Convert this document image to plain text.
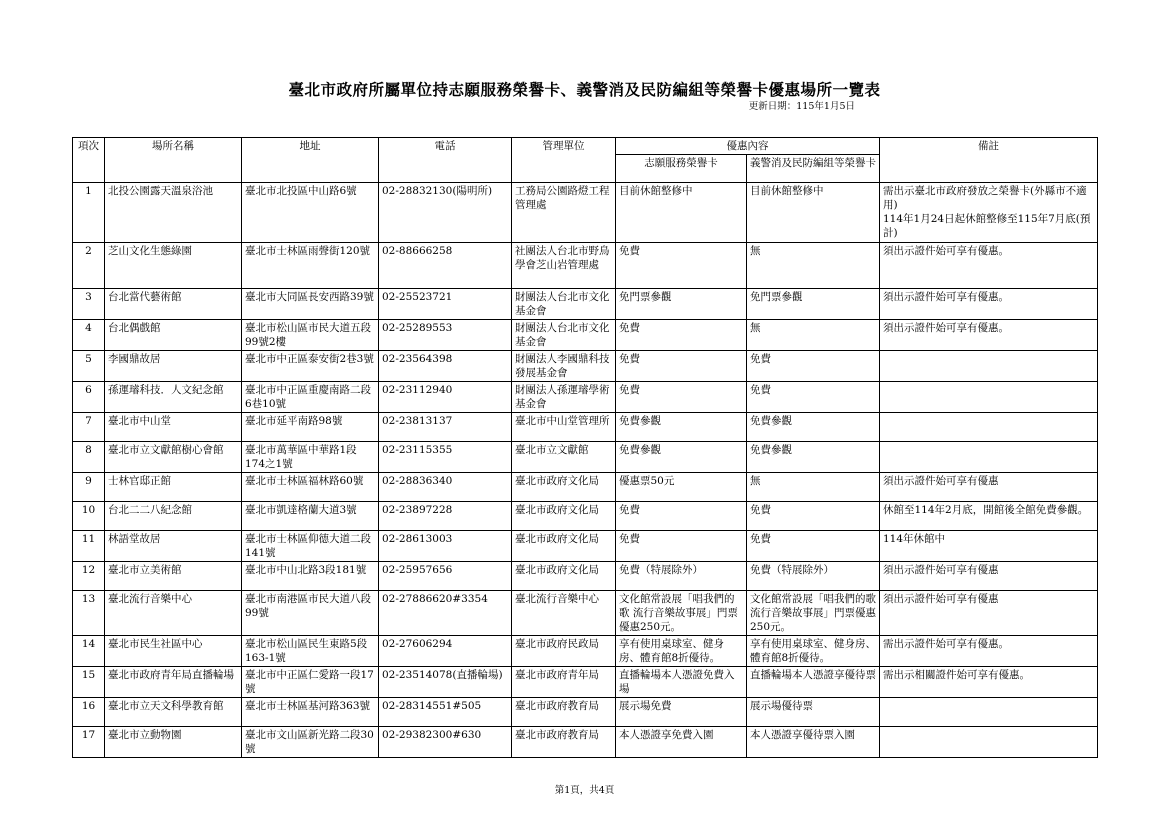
臺北市政府所屬單位持志願服務榮譽卡、義警消及民防編組等榮譽卡優惠場所一覽表
更新日期：115年1月5日
項次	場所名稱	地址	電話	管理單位	優惠內容		備註
					志願服務榮譽卡	義警消及民防編組等榮譽卡	
1	北投公園露天溫泉浴池	臺北市北投區中山路6號	02-28832130(陽明所)	工務局公園路燈工程管理處	目前休館整修中	目前休館整修中	需出示臺北市政府發放之榮譽卡(外縣市不適用)
114年1月24日起休館整修至115年7月底(預計)
2	芝山文化生態綠園	臺北市士林區雨聲街120號	02-88666258	社團法人台北市野鳥學會芝山岩管理處	免費	無	須出示證件始可享有優惠。
3	台北當代藝術館	臺北市大同區長安西路39號	02-25523721	財團法人台北市文化基金會	免門票參觀	免門票參觀	須出示證件始可享有優惠。
4	台北偶戲館	臺北市松山區市民大道五段99號2樓	02-25289553	財團法人台北市文化基金會	免費	無	須出示證件始可享有優惠。
5	李國鼎故居	臺北市中正區泰安街2巷3號	02-23564398	財團法人李國鼎科技發展基金會	免費	免費	
6	孫運璿科技．人文紀念館	臺北市中正區重慶南路二段6巷10號	02-23112940	財團法人孫運璿學術基金會	免費	免費	
7	臺北市中山堂	臺北市延平南路98號	02-23813137	臺北市中山堂管理所	免費參觀	免費參觀	
8	臺北市立文獻館樹心會館	臺北市萬華區中華路1段174之1號	02-23115355	臺北市立文獻館	免費參觀	免費參觀	
9	士林官邸正館	臺北市士林區福林路60號	02-28836340	臺北市政府文化局	優惠票50元	無	須出示證件始可享有優惠
10	台北二二八紀念館	臺北市凱達格蘭大道3號	02-23897228	臺北市政府文化局	免費	免費	休館至114年2月底，開館後全館免費參觀。
11	林語堂故居	臺北市士林區仰德大道二段141號	02-28613003	臺北市政府文化局	免費	免費	114年休館中
12	臺北市立美術館	臺北市中山北路3段181號	02-25957656	臺北市政府文化局	免費（特展除外）	免費（特展除外）	須出示證件始可享有優惠
13	臺北流行音樂中心	臺北市南港區市民大道八段99號	02-27886620#3354	臺北流行音樂中心	文化館常設展「唱我們的歌 流行音樂故事展」門票優惠250元。	文化館常設展「唱我們的歌 流行音樂故事展」門票優惠250元。	須出示證件始可享有優惠
14	臺北市民生社區中心	臺北市松山區民生東路5段163-1號	02-27606294	臺北市政府民政局	享有使用桌球室、健身房、體育館8折優待。	享有使用桌球室、健身房、體育館8折優待。	需出示證件始可享有優惠。
15	臺北市政府青年局直播輪場	臺北市中正區仁愛路一段17號	02-23514078(直播輪場)	臺北市政府青年局	直播輪場本人憑證免費入場	直播輪場本人憑證享優待票	需出示相關證件始可享有優惠。
16	臺北市立天文科學教育館	臺北市士林區基河路363號	02-28314551#505	臺北市政府教育局	展示場免費	展示場優待票	
17	臺北市立動物園	臺北市文山區新光路二段30號	02-29382300#630	臺北市政府教育局	本人憑證享免費入園	本人憑證享優待票入園	
第1頁，共4頁
